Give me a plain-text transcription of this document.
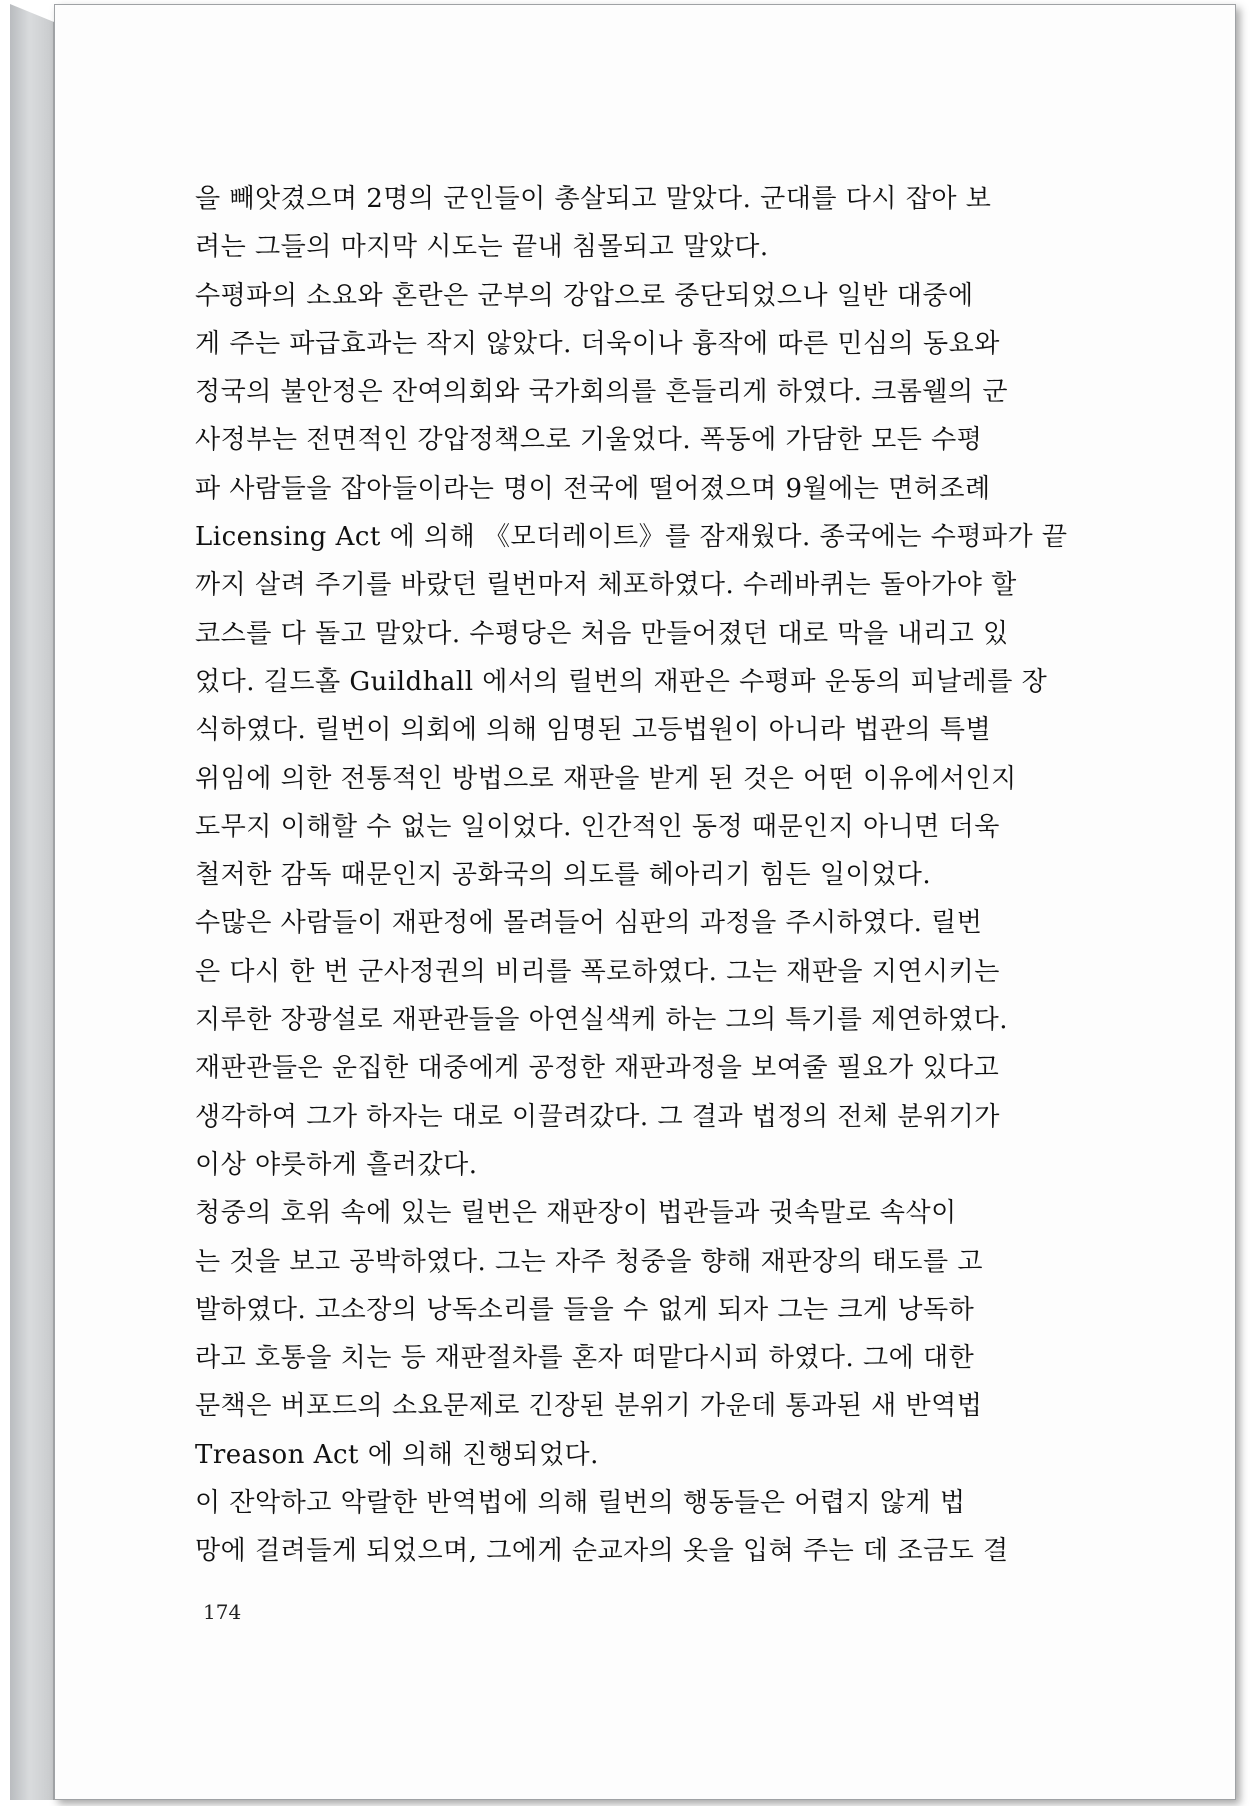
을 빼앗겼으며 2명의 군인들이 총살되고 말았다. 군대를 다시 잡아 보
려는 그들의 마지막 시도는 끝내 침몰되고 말았다.
수평파의 소요와 혼란은 군부의 강압으로 중단되었으나 일반 대중에
게 주는 파급효과는 작지 않았다. 더욱이나 흉작에 따른 민심의 동요와
정국의 불안정은 잔여의회와 국가회의를 흔들리게 하였다. 크롬웰의 군
사정부는 전면적인 강압정책으로 기울었다. 폭동에 가담한 모든 수평
파 사람들을 잡아들이라는 명이 전국에 떨어졌으며 9월에는 면허조례
Licensing Act 에 의해 《모더레이트》를 잠재웠다. 종국에는 수평파가 끝
까지 살려 주기를 바랐던 릴번마저 체포하였다. 수레바퀴는 돌아가야 할
코스를 다 돌고 말았다. 수평당은 처음 만들어졌던 대로 막을 내리고 있
었다. 길드홀 Guildhall 에서의 릴번의 재판은 수평파 운동의 피날레를 장
식하였다. 릴번이 의회에 의해 임명된 고등법원이 아니라 법관의 특별
위임에 의한 전통적인 방법으로 재판을 받게 된 것은 어떤 이유에서인지
도무지 이해할 수 없는 일이었다. 인간적인 동정 때문인지 아니면 더욱
철저한 감독 때문인지 공화국의 의도를 헤아리기 힘든 일이었다.
수많은 사람들이 재판정에 몰려들어 심판의 과정을 주시하였다. 릴번
은 다시 한 번 군사정권의 비리를 폭로하였다. 그는 재판을 지연시키는
지루한 장광설로 재판관들을 아연실색케 하는 그의 특기를 제연하였다.
재판관들은 운집한 대중에게 공정한 재판과정을 보여줄 필요가 있다고
생각하여 그가 하자는 대로 이끌려갔다. 그 결과 법정의 전체 분위기가
이상 야릇하게 흘러갔다.
청중의 호위 속에 있는 릴번은 재판장이 법관들과 귓속말로 속삭이
는 것을 보고 공박하였다. 그는 자주 청중을 향해 재판장의 태도를 고
발하였다. 고소장의 낭독소리를 들을 수 없게 되자 그는 크게 낭독하
라고 호통을 치는 등 재판절차를 혼자 떠맡다시피 하였다. 그에 대한
문책은 버포드의 소요문제로 긴장된 분위기 가운데 통과된 새 반역법
Treason Act 에 의해 진행되었다.
이 잔악하고 악랄한 반역법에 의해 릴번의 행동들은 어렵지 않게 법
망에 걸려들게 되었으며, 그에게 순교자의 옷을 입혀 주는 데 조금도 결
174
